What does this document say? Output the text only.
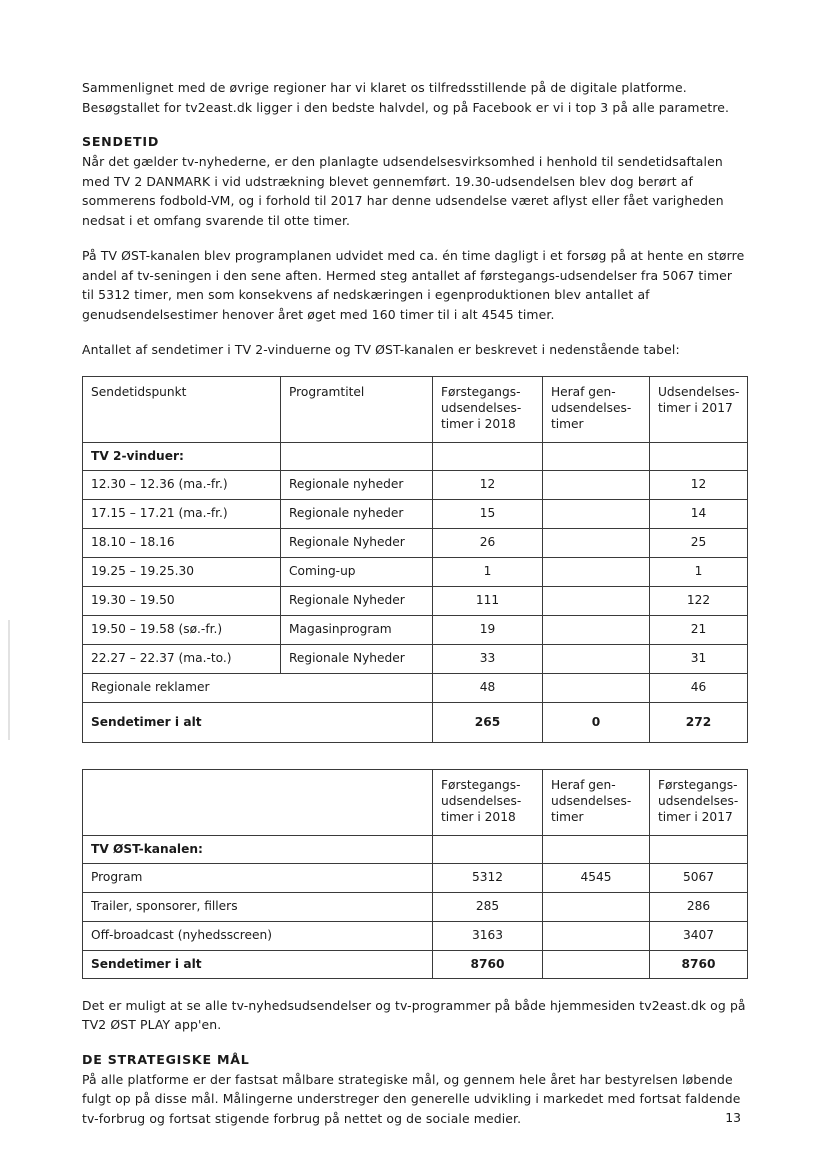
Sammenlignet med de øvrige regioner har vi klaret os tilfredsstillende på de digitale platforme. Besøgstallet for tv2east.dk ligger i den bedste halvdel, og på Facebook er vi i top 3 på alle parametre.

SENDETID

Når det gælder tv-nyhederne, er den planlagte udsendelsesvirksomhed i henhold til sendetidsaftalen med TV 2 DANMARK i vid udstrækning blevet gennemført. 19.30-udsendelsen blev dog berørt af sommerens fodbold-VM, og i forhold til 2017 har denne udsendelse været aflyst eller fået varigheden nedsat i et omfang svarende til otte timer.

På TV ØST-kanalen blev programplanen udvidet med ca. én time dagligt i et forsøg på at hente en større andel af tv-seningen i den sene aften. Hermed steg antallet af førstegangs-udsendelser fra 5067 timer til 5312 timer, men som konsekvens af nedskæringen i egenproduktionen blev antallet af genudsendelsestimer henover året øget med 160 timer til i alt 4545 timer.

Antallet af sendetimer i TV 2-vinduerne og TV ØST-kanalen er beskrevet i nedenstående tabel:

Sendetidspunkt	Programtitel	Førstegangs-udsendelses-timer i 2018	Heraf gen-udsendelses-timer	Udsendelses-timer i 2017
TV 2-vinduer:				
12.30 – 12.36 (ma.-fr.)	Regionale nyheder	12		12
17.15 – 17.21 (ma.-fr.)	Regionale nyheder	15		14
18.10 – 18.16	Regionale Nyheder	26		25
19.25 – 19.25.30	Coming-up	1		1
19.30 – 19.50	Regionale Nyheder	111		122
19.50 – 19.58 (sø.-fr.)	Magasinprogram	19		21
22.27 – 22.37 (ma.-to.)	Regionale Nyheder	33		31
Regionale reklamer		48		46
Sendetimer i alt		265	0	272
	Førstegangs-udsendelses-timer i 2018	Heraf gen-udsendelses-timer	Førstegangs-udsendelses-timer i 2017
TV ØST-kanalen:			
Program	5312	4545	5067
Trailer, sponsorer, fillers	285		286
Off-broadcast (nyhedsscreen)	3163		3407
Sendetimer i alt	8760		8760

Det er muligt at se alle tv-nyhedsudsendelser og tv-programmer på både hjemmesiden tv2east.dk og på TV2 ØST PLAY app'en.

DE STRATEGISKE MÅL

På alle platforme er der fastsat målbare strategiske mål, og gennem hele året har bestyrelsen løbende fulgt op på disse mål. Målingerne understreger den generelle udvikling i markedet med fortsat faldende tv-forbrug og fortsat stigende forbrug på nettet og de sociale medier.	13
